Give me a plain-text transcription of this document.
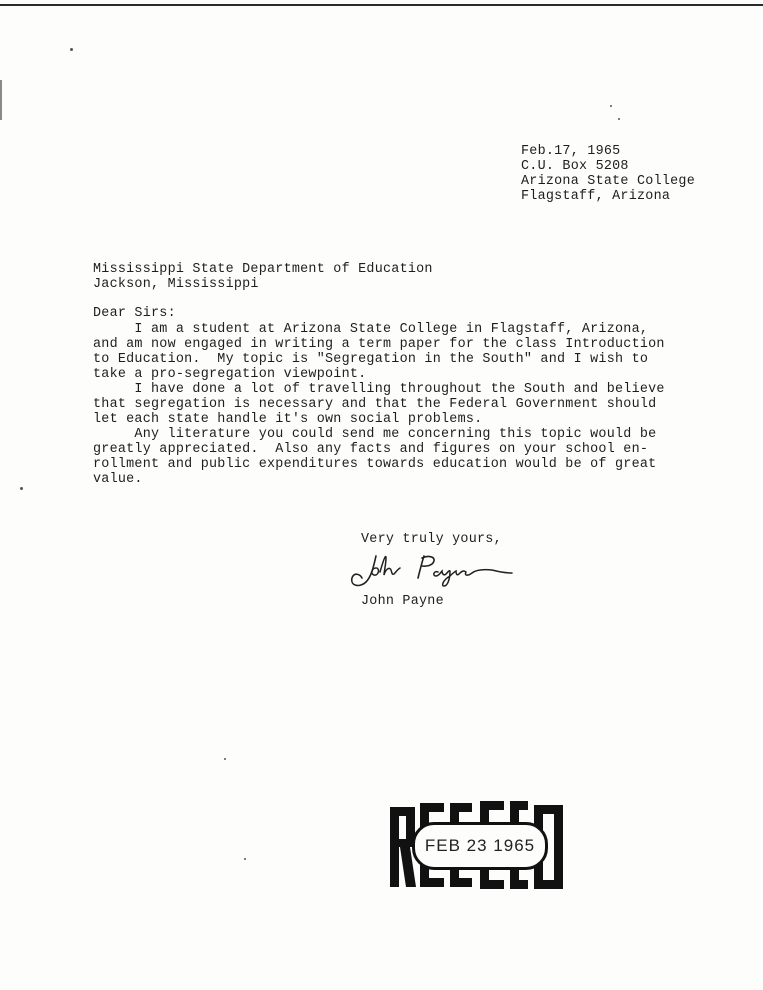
Feb.17, 1965
C.U. Box 5208
Arizona State College
Flagstaff, Arizona
Mississippi State Department of Education
Jackson, Mississippi
Dear Sirs:
I am a student at Arizona State College in Flagstaff, Arizona,
and am now engaged in writing a term paper for the class Introduction
to Education.  My topic is "Segregation in the South" and I wish to
take a pro-segregation viewpoint.
I have done a lot of travelling throughout the South and believe
that segregation is necessary and that the Federal Government should
let each state handle it's own social problems.
Any literature you could send me concerning this topic would be
greatly appreciated.  Also any facts and figures on your school en-
rollment and public expenditures towards education would be of great
value.
Very truly yours,
John Payne
RECEIVED
FEB 23 1965
